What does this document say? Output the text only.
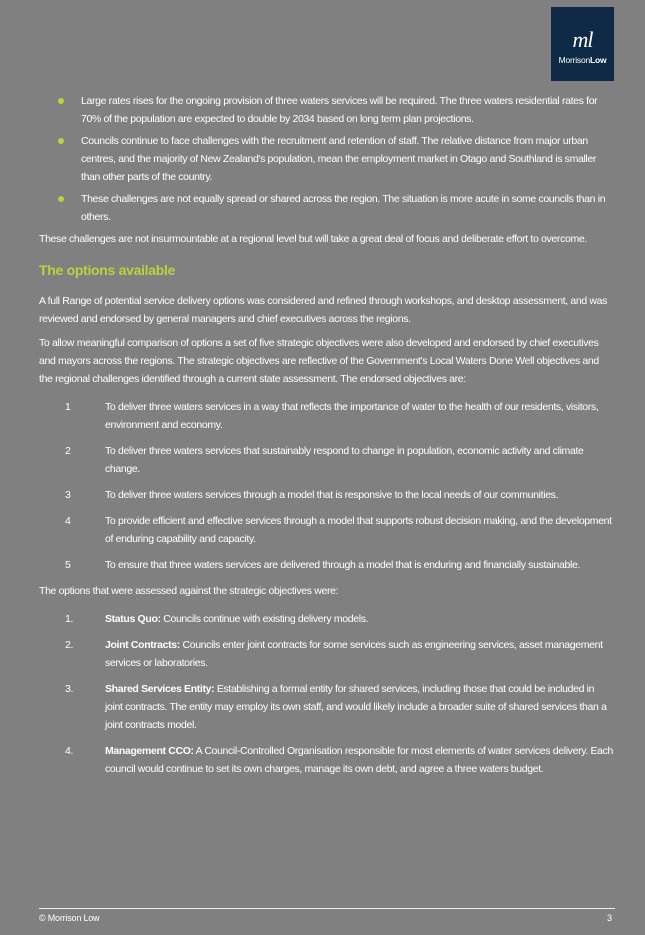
ml
MorrisonLow
Large rates rises for the ongoing provision of three waters services will be required. The three waters residential rates for 70% of the population are expected to double by 2034 based on long term plan projections.
Councils continue to face challenges with the recruitment and retention of staff. The relative distance from major urban centres, and the majority of New Zealand's population, mean the employment market in Otago and Southland is smaller than other parts of the country.
These challenges are not equally spread or shared across the region. The situation is more acute in some councils than in others.

These challenges are not insurmountable at a regional level but will take a great deal of focus and deliberate effort to overcome.

The options available

A full Range of potential service delivery options was considered and refined through workshops, and desktop assessment, and was reviewed and endorsed by general managers and chief executives across the regions.

To allow meaningful comparison of options a set of five strategic objectives were also developed and endorsed by chief executives and mayors across the regions. The strategic objectives are reflective of the Government's Local Waters Done Well objectives and the regional challenges identified through a current state assessment. The endorsed objectives are:

1	To deliver three waters services in a way that reflects the importance of water to the health of our residents, visitors, environment and economy.
2	To deliver three waters services that sustainably respond to change in population, economic activity and climate change.
3	To deliver three waters services through a model that is responsive to the local needs of our communities.
4	To provide efficient and effective services through a model that supports robust decision making, and the development of enduring capability and capacity.
5	To ensure that three waters services are delivered through a model that is enduring and financially sustainable.

The options that were assessed against the strategic objectives were:

1.	Status Quo: Councils continue with existing delivery models.
2.	Joint Contracts: Councils enter joint contracts for some services such as engineering services, asset management services or laboratories.
3.	Shared Services Entity: Establishing a formal entity for shared services, including those that could be included in joint contracts. The entity may employ its own staff, and would likely include a broader suite of shared services than a joint contracts model.
4.	Management CCO: A Council-Controlled Organisation responsible for most elements of water services delivery. Each council would continue to set its own charges, manage its own debt, and agree a three waters budget.
© Morrison Low	3
